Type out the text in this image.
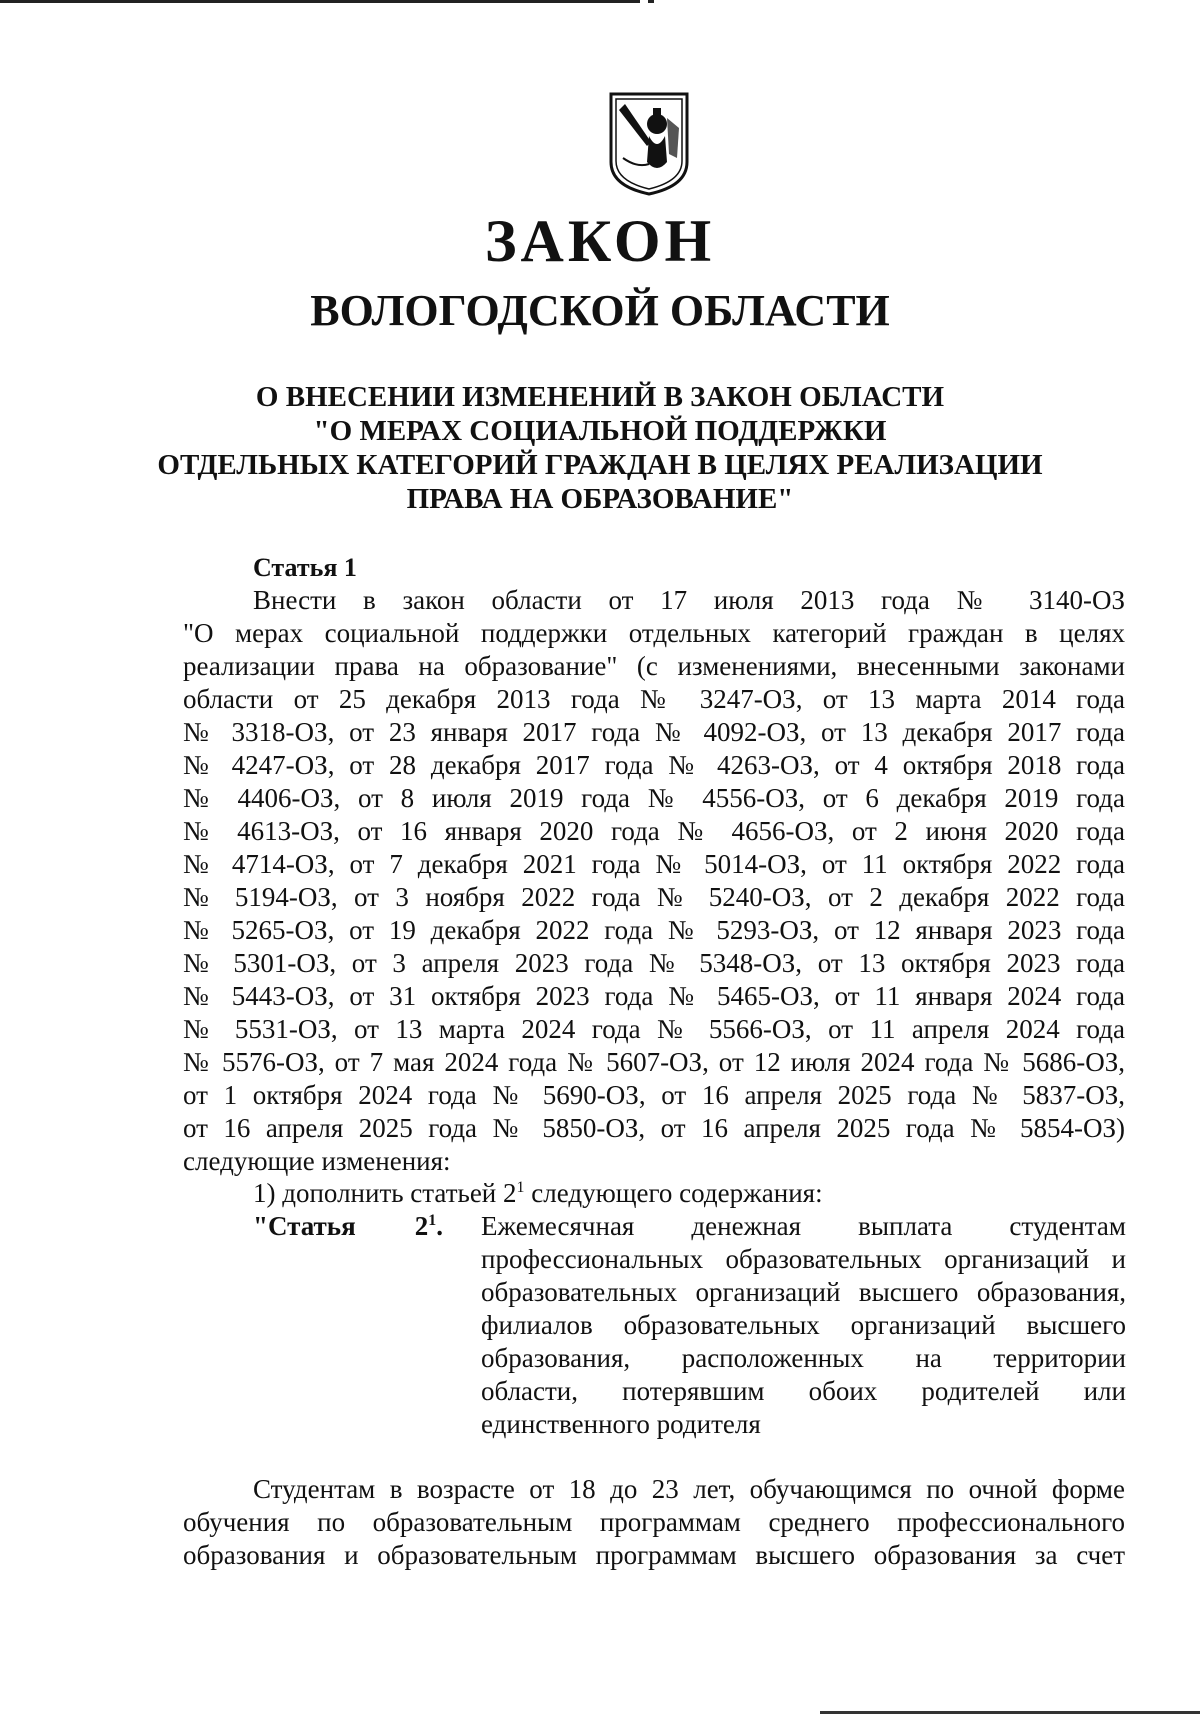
ЗАКОН
ВОЛОГОДСКОЙ ОБЛАСТИ
О ВНЕСЕНИИ ИЗМЕНЕНИЙ В ЗАКОН ОБЛАСТИ
"О МЕРАХ СОЦИАЛЬНОЙ ПОДДЕРЖКИ
ОТДЕЛЬНЫХ КАТЕГОРИЙ ГРАЖДАН В ЦЕЛЯХ РЕАЛИЗАЦИИ
ПРАВА НА ОБРАЗОВАНИЕ"
Статья 1
Внести в закон области от 17 июля 2013 года № 3140-ОЗ
"О мерах социальной поддержки отдельных категорий граждан в целях
реализации права на образование" (с изменениями, внесенными законами
области от 25 декабря 2013 года № 3247-ОЗ, от 13 марта 2014 года
№ 3318-ОЗ, от 23 января 2017 года № 4092-ОЗ, от 13 декабря 2017 года
№ 4247-ОЗ, от 28 декабря 2017 года № 4263-ОЗ, от 4 октября 2018 года
№ 4406-ОЗ, от 8 июля 2019 года № 4556-ОЗ, от 6 декабря 2019 года
№ 4613-ОЗ, от 16 января 2020 года № 4656-ОЗ, от 2 июня 2020 года
№ 4714-ОЗ, от 7 декабря 2021 года № 5014-ОЗ, от 11 октября 2022 года
№ 5194-ОЗ, от 3 ноября 2022 года № 5240-ОЗ, от 2 декабря 2022 года
№ 5265-ОЗ, от 19 декабря 2022 года № 5293-ОЗ, от 12 января 2023 года
№ 5301-ОЗ, от 3 апреля 2023 года № 5348-ОЗ, от 13 октября 2023 года
№ 5443-ОЗ, от 31 октября 2023 года № 5465-ОЗ, от 11 января 2024 года
№ 5531-ОЗ, от 13 марта 2024 года № 5566-ОЗ, от 11 апреля 2024 года
№ 5576-ОЗ, от 7 мая 2024 года № 5607-ОЗ, от 12 июля 2024 года № 5686-ОЗ,
от 1 октября 2024 года № 5690-ОЗ, от 16 апреля 2025 года № 5837-ОЗ,
от 16 апреля 2025 года № 5850-ОЗ, от 16 апреля 2025 года № 5854-ОЗ)
следующие изменения:
1) дополнить статьей $2^1$ следующего содержания:
"Статья $2^1$. Ежемесячная денежная выплата студентам
профессиональных образовательных организаций и
образовательных организаций высшего образования,
филиалов образовательных организаций высшего
образования, расположенных на территории
области, потерявшим обоих родителей или
единственного родителя
Студентам в возрасте от 18 до 23 лет, обучающимся по очной форме
обучения по образовательным программам среднего профессионального
образования и образовательным программам высшего образования за счет
